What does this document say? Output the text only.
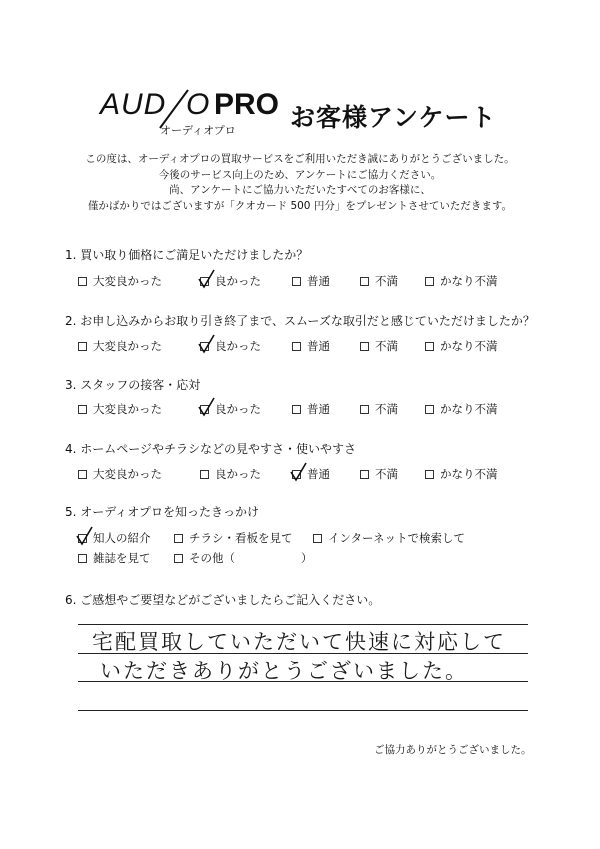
AUD O PRO
オーディオプロ お客様アンケート
この度は、オーディオプロの買取サービスをご利用いただき誠にありがとうございました。
今後のサービス向上のため、アンケートにご協力ください。
尚、アンケートにご協力いただいたすべてのお客様に、
僅かばかりではございますが「クオカード 500 円分」をプレゼントさせていただきます。
1. 買い取り価格にご満足いただけましたか？
2. お申し込みからお取り引き終了まで、スムーズな取引だと感じていただけましたか？
3. スタッフの接客・応対
4. ホームページやチラシなどの見やすさ・使いやすさ
大変良かった	良かった	普通	不満	かなり不満
大変良かった	良かった	普通	不満	かなり不満
大変良かった	良かった	普通	不満	かなり不満
大変良かった	良かった	普通	不満	かなり不満
5. オーディオプロを知ったきっかけ
知人の紹介	チラシ・看板を見て	インターネットで検索して
雑誌を見て	その他（	）
6. ご感想やご要望などがございましたらご記入ください。
宅配買取していただいて快速に対応して
いただきありがとうございました。
ご協力ありがとうございました。
